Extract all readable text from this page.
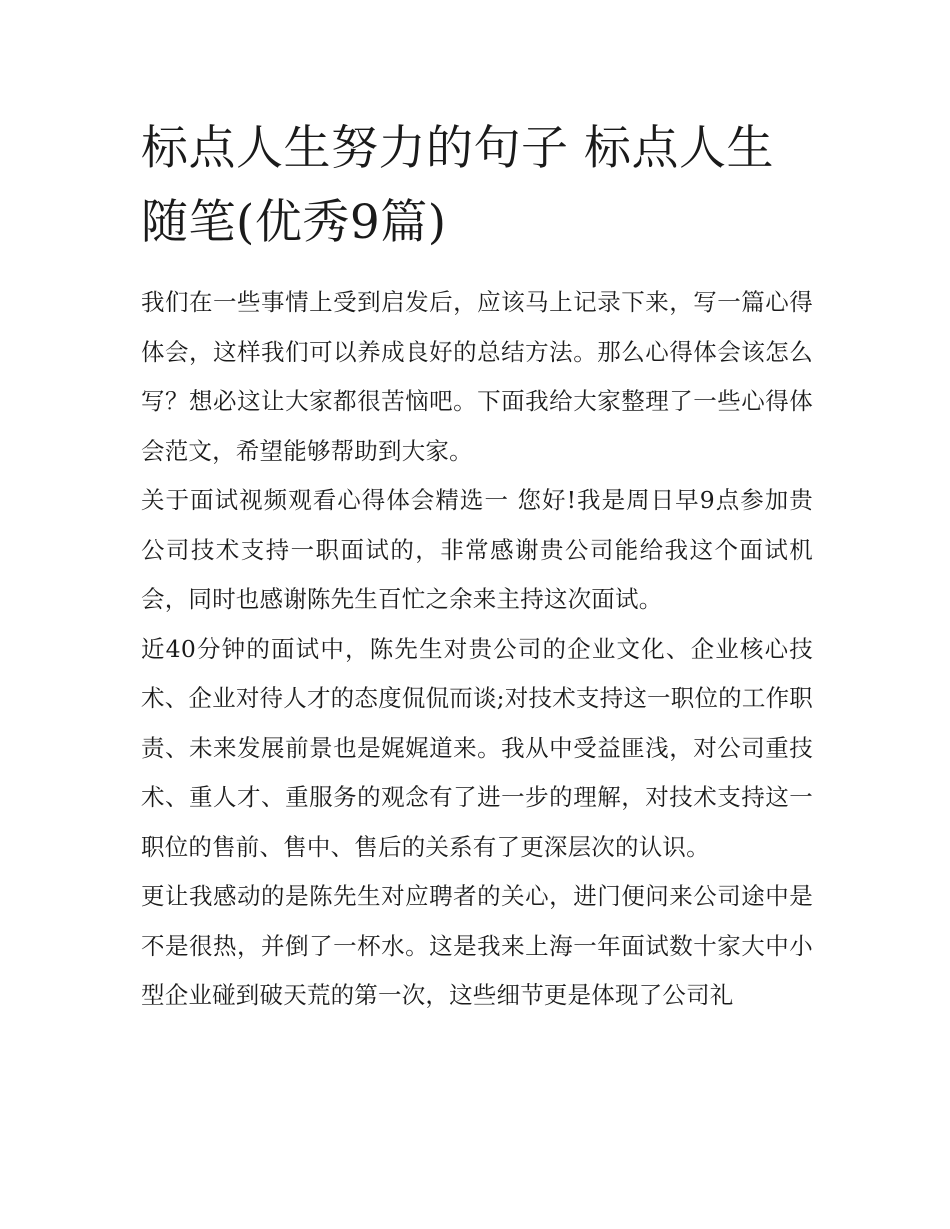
标点人生努力的句子 标点人生随笔(优秀9篇)

我们在一些事情上受到启发后，应该马上记录下来，写一篇心得体会，这样我们可以养成良好的总结方法。那么心得体会该怎么写？想必这让大家都很苦恼吧。下面我给大家整理了一些心得体会范文，希望能够帮助到大家。

关于面试视频观看心得体会精选一 您好!我是周日早9点参加贵公司技术支持一职面试的，非常感谢贵公司能给我这个面试机会，同时也感谢陈先生百忙之余来主持这次面试。

近40分钟的面试中，陈先生对贵公司的企业文化、企业核心技术、企业对待人才的态度侃侃而谈;对技术支持这一职位的工作职责、未来发展前景也是娓娓道来。我从中受益匪浅，对公司重技术、重人才、重服务的观念有了进一步的理解，对技术支持这一职位的售前、售中、售后的关系有了更深层次的认识。

更让我感动的是陈先生对应聘者的关心，进门便问来公司途中是不是很热，并倒了一杯水。这是我来上海一年面试数十家大中小型企业碰到破天荒的第一次，这些细节更是体现了公司礼
